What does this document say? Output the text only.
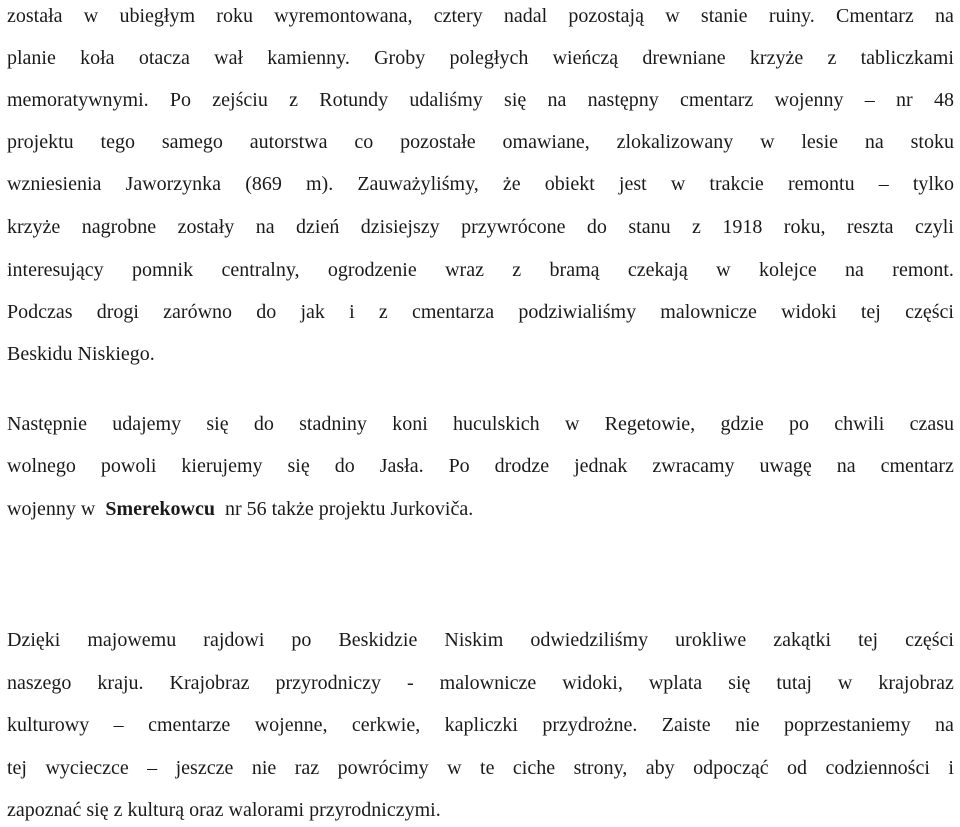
została w ubiegłym roku wyremontowana, cztery nadal pozostają w stanie ruiny. Cmentarz na
planie koła otacza wał kamienny. Groby poległych wieńczą drewniane krzyże z tabliczkami
memoratywnymi. Po zejściu z Rotundy udaliśmy się na następny cmentarz wojenny – nr 48
projektu tego samego autorstwa co pozostałe omawiane, zlokalizowany w lesie na stoku
wzniesienia Jaworzynka (869 m). Zauważyliśmy, że obiekt jest w trakcie remontu – tylko
krzyże nagrobne zostały na dzień dzisiejszy przywrócone do stanu z 1918 roku, reszta czyli
interesujący pomnik centralny, ogrodzenie wraz z bramą czekają w kolejce na remont.
Podczas drogi zarówno do jak i z cmentarza podziwialiśmy malownicze widoki tej części
Beskidu Niskiego.
Następnie udajemy się do stadniny koni huculskich w Regetowie, gdzie po chwili czasu
wolnego powoli kierujemy się do Jasła. Po drodze jednak zwracamy uwagę na cmentarz
wojenny w Smerekowcu nr 56 także projektu Jurkoviča.
Dzięki majowemu rajdowi po Beskidzie Niskim odwiedziliśmy urokliwe zakątki tej części
naszego kraju. Krajobraz przyrodniczy - malownicze widoki, wplata się tutaj w krajobraz
kulturowy – cmentarze wojenne, cerkwie, kapliczki przydrożne. Zaiste nie poprzestaniemy na
tej wycieczce – jeszcze nie raz powrócimy w te ciche strony, aby odpocząć od codzienności i
zapoznać się z kulturą oraz walorami przyrodniczymi.
